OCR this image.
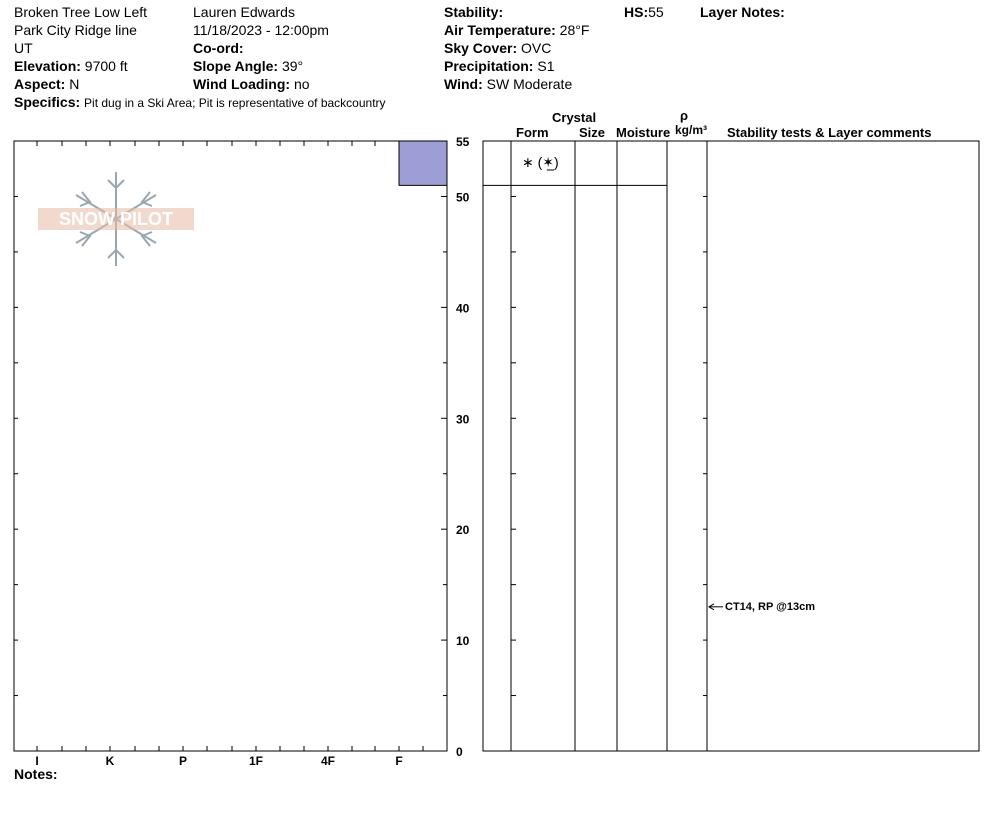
Broken Tree Low Left
Park City Ridge line
UT
Elevation: 9700 ft
Aspect: N
Specifics: Pit dug in a Ski Area; Pit is representative of backcountry
Lauren Edwards
11/18/2023 - 12:00pm
Co-ord:
Slope Angle: 39°
Wind Loading: no
Stability:
Air Temperature: 28°F
Sky Cover: OVC
Precipitation: S1
Wind: SW Moderate
HS:55	Layer Notes:
Crystal
Form Size Moisture
ρ
kg/m³ Stability tests & Layer comments
SNOW PILOT
I	K	P	1F	4F	F
0
10
20
30
40
50
55
CT14, RP @13cm
∗ (✶̲)
Notes:
